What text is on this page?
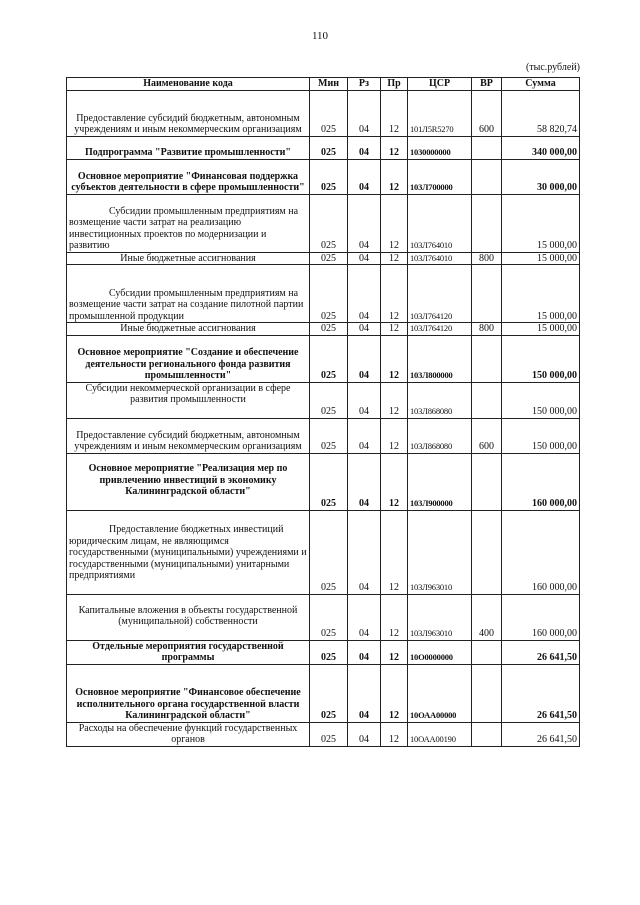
110
(тыс.рублей)
Наименование кода	Мин	Рз	Пр	ЦСР	ВР	Сумма

Предоставление субсидий бюджетным, автономным учреждениям и иным некоммерческим организациям	025	04	12	101Л5R5270	600	58 820,74

Подпрограмма "Развитие промышленности"	025	04	12	1030000000		340 000,00

Основное мероприятие "Финансовая поддержка субъектов деятельности в сфере промышленности"	025	04	12	103Л700000		30 000,00

Субсидии промышленным предприятиям на возмещение части затрат на реализацию инвестиционных проектов по модернизации и развитию	025	04	12	103Л764010		15 000,00

Иные бюджетные ассигнования	025	04	12	103Л764010	800	15 000,00

Субсидии промышленным предприятиям на возмещение части затрат на создание пилотной партии промышленной продукции	025	04	12	103Л764120		15 000,00

Иные бюджетные ассигнования	025	04	12	103Л764120	800	15 000,00

Основное мероприятие "Создание и обеспечение деятельности регионального фонда развития промышленности"	025	04	12	103Л800000		150 000,00

Субсидии некоммерческой организации в сфере развития промышленности	025	04	12	103Л868080		150 000,00

Предоставление субсидий бюджетным, автономным учреждениям и иным некоммерческим организациям	025	04	12	103Л868080	600	150 000,00

Основное мероприятие "Реализация мер по привлечению инвестиций в экономику Калининградской области"	025	04	12	103Л900000		160 000,00

Предоставление бюджетных инвестиций юридическим лицам, не являющимся государственными (муниципальными) учреждениями и государственными (муниципальными) унитарными предприятиями	025	04	12	103Л963010		160 000,00

Капитальные вложения в объекты государственной (муниципальной) собственности	025	04	12	103Л963010	400	160 000,00

Отдельные мероприятия государственной программы	025	04	12	10О0000000		26 641,50

Основное мероприятие "Финансовое обеспечение исполнительного органа государственной власти Калининградской области"	025	04	12	10ОАА00000		26 641,50

Расходы на обеспечение функций государственных органов	025	04	12	10ОАА00190		26 641,50
